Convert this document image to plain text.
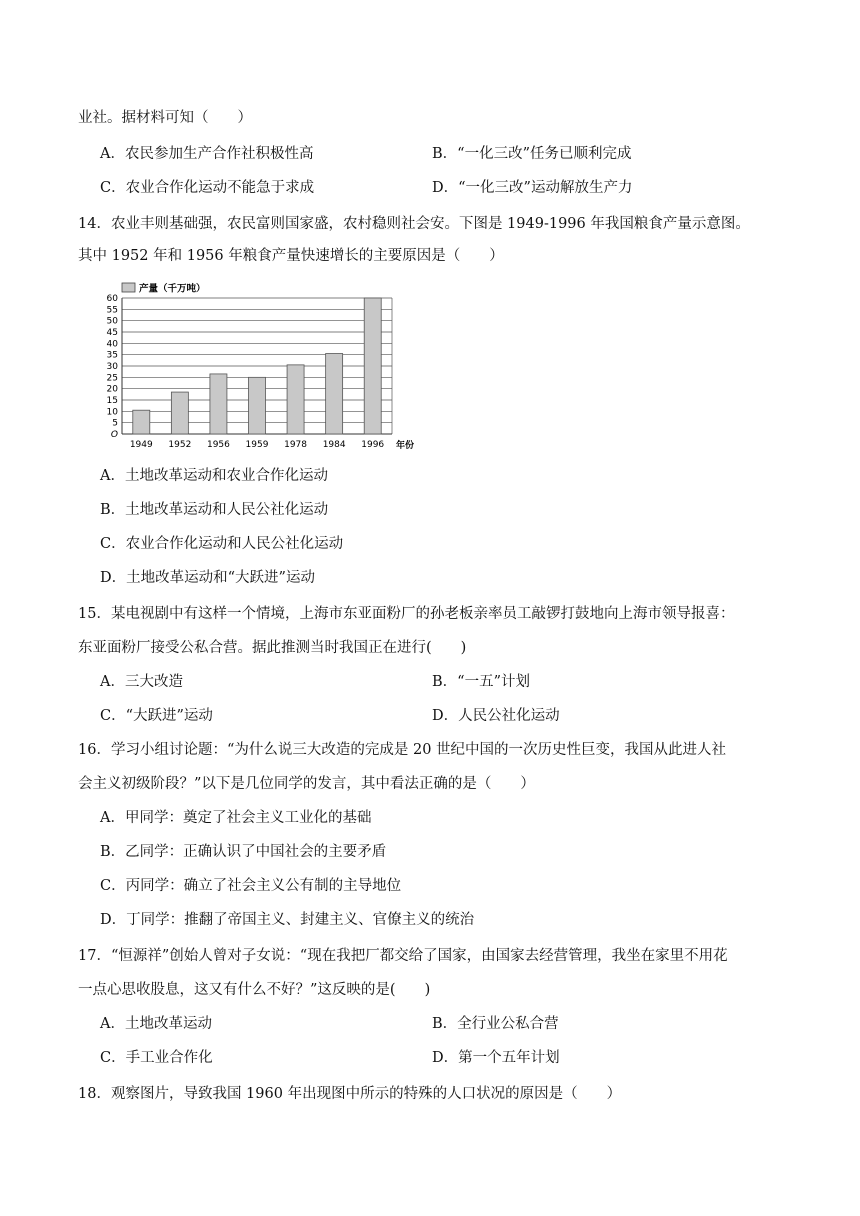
业社。据材料可知（　　）
A．农民参加生产合作社积极性高	B．“一化三改”任务已顺利完成
C．农业合作化运动不能急于求成	D．“一化三改”运动解放生产力
14．农业丰则基础强，农民富则国家盛，农村稳则社会安。下图是 1949-1996 年我国粮食产量示意图。
其中 1952 年和 1956 年粮食产量快速增长的主要原因是（　　）
60
55
50
45
40
35
30
25
20
15
10
5
O
1949 1952 1956 1959 1978 1984 1996
产量（千万吨）
年份
A．土地改革运动和农业合作化运动
B．土地改革运动和人民公社化运动
C．农业合作化运动和人民公社化运动
D．土地改革运动和“大跃进”运动
15．某电视剧中有这样一个情境，上海市东亚面粉厂的孙老板亲率员工敲锣打鼓地向上海市领导报喜：
东亚面粉厂接受公私合营。据此推测当时我国正在进行(　　)
A．三大改造	B．“一五”计划
C．“大跃进”运动	D．人民公社化运动
16．学习小组讨论题：“为什么说三大改造的完成是 20 世纪中国的一次历史性巨变，我国从此进人社
会主义初级阶段？”以下是几位同学的发言，其中看法正确的是（　　）
A．甲同学：奠定了社会主义工业化的基础
B．乙同学：正确认识了中国社会的主要矛盾
C．丙同学：确立了社会主义公有制的主导地位
D．丁同学：推翻了帝国主义、封建主义、官僚主义的统治
17．“恒源祥”创始人曾对子女说：“现在我把厂都交给了国家，由国家去经营管理，我坐在家里不用花
一点心思收股息，这又有什么不好？”这反映的是(　　)
A．土地改革运动	B．全行业公私合营
C．手工业合作化	D．第一个五年计划
18．观察图片，导致我国 1960 年出现图中所示的特殊的人口状况的原因是（　　）
